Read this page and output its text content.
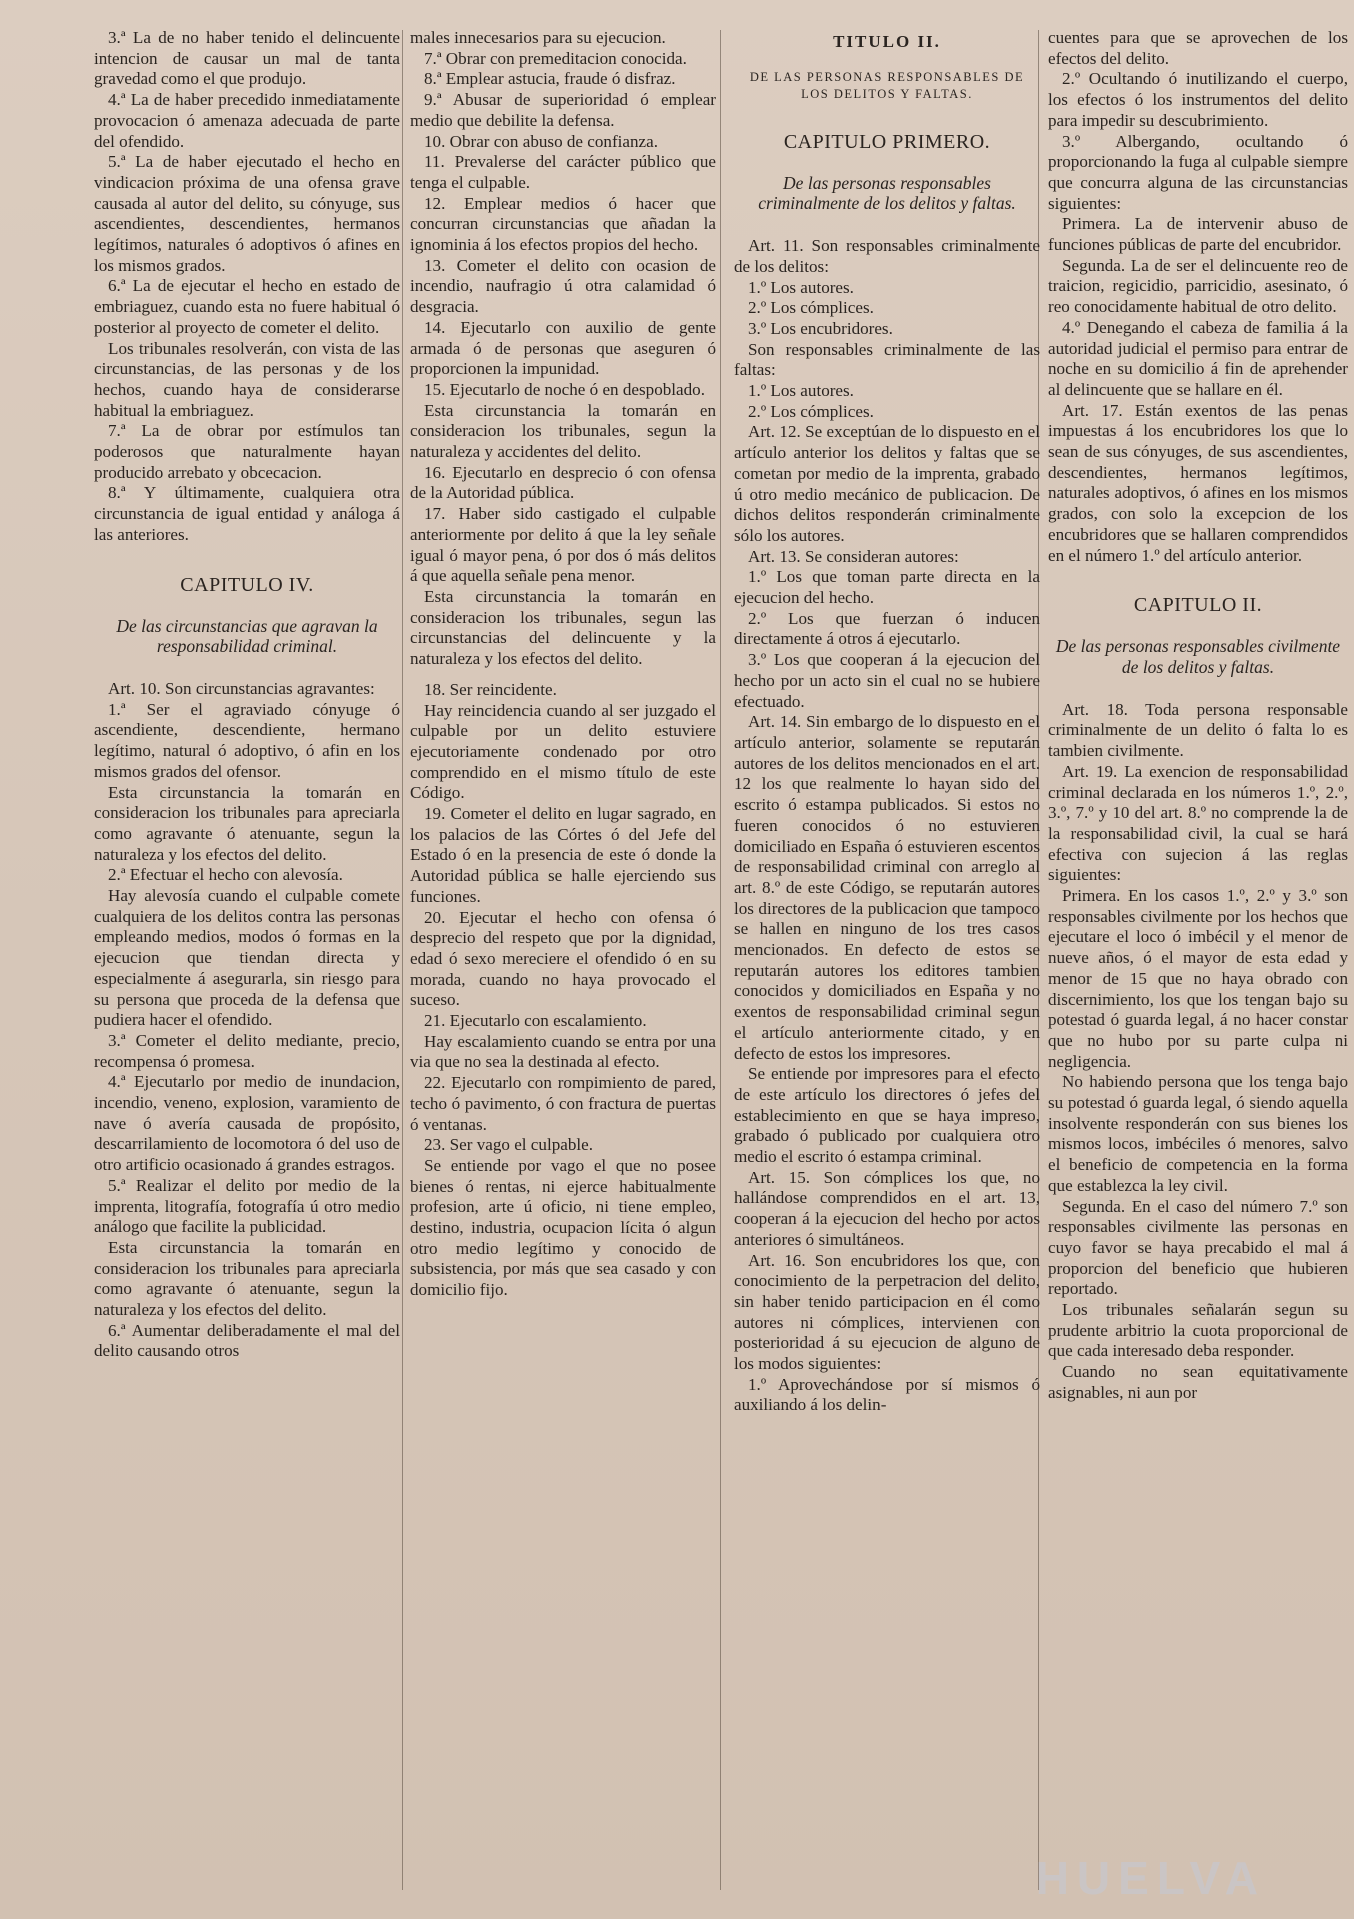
3.ª La de no haber tenido el delincuente intencion de causar un mal de tanta gravedad como el que produjo.

4.ª La de haber precedido inmediatamente provocacion ó amenaza adecuada de parte del ofendido.

5.ª La de haber ejecutado el hecho en vindicacion próxima de una ofensa grave causada al autor del delito, su cónyuge, sus ascendientes, descendientes, hermanos legítimos, naturales ó adoptivos ó afines en los mismos grados.

6.ª La de ejecutar el hecho en estado de embriaguez, cuando esta no fuere habitual ó posterior al proyecto de cometer el delito.

Los tribunales resolverán, con vista de las circunstancias, de las personas y de los hechos, cuando haya de considerarse habitual la embriaguez.

7.ª La de obrar por estímulos tan poderosos que naturalmente hayan producido arrebato y obcecacion.

8.ª Y últimamente, cualquiera otra circunstancia de igual entidad y análoga á las anteriores.

CAPITULO IV.

De las circunstancias que agravan la responsabilidad criminal.

Art. 10. Son circunstancias agravantes:

1.ª Ser el agraviado cónyuge ó ascendiente, descendiente, hermano legítimo, natural ó adoptivo, ó afin en los mismos grados del ofensor.

Esta circunstancia la tomarán en consideracion los tribunales para apreciarla como agravante ó atenuante, segun la naturaleza y los efectos del delito.

2.ª Efectuar el hecho con alevosía.

Hay alevosía cuando el culpable comete cualquiera de los delitos contra las personas empleando medios, modos ó formas en la ejecucion que tiendan directa y especialmente á asegurarla, sin riesgo para su persona que proceda de la defensa que pudiera hacer el ofendido.

3.ª Cometer el delito mediante, precio, recompensa ó promesa.

4.ª Ejecutarlo por medio de inundacion, incendio, veneno, explosion, varamiento de nave ó avería causada de propósito, descarrilamiento de locomotora ó del uso de otro artificio ocasionado á grandes estragos.

5.ª Realizar el delito por medio de la imprenta, litografía, fotografía ú otro medio análogo que facilite la publicidad.

Esta circunstancia la tomarán en consideracion los tribunales para apreciarla como agravante ó atenuante, segun la naturaleza y los efectos del delito.

6.ª Aumentar deliberadamente el mal del delito causando otros

males innecesarios para su ejecucion.

7.ª Obrar con premeditacion conocida.

8.ª Emplear astucia, fraude ó disfraz.

9.ª Abusar de superioridad ó emplear medio que debilite la defensa.

10. Obrar con abuso de confianza.

11. Prevalerse del carácter público que tenga el culpable.

12. Emplear medios ó hacer que concurran circunstancias que añadan la ignominia á los efectos propios del hecho.

13. Cometer el delito con ocasion de incendio, naufragio ú otra calamidad ó desgracia.

14. Ejecutarlo con auxilio de gente armada ó de personas que aseguren ó proporcionen la impunidad.

15. Ejecutarlo de noche ó en despoblado.

Esta circunstancia la tomarán en consideracion los tribunales, segun la naturaleza y accidentes del delito.

16. Ejecutarlo en desprecio ó con ofensa de la Autoridad pública.

17. Haber sido castigado el culpable anteriormente por delito á que la ley señale igual ó mayor pena, ó por dos ó más delitos á que aquella señale pena menor.

Esta circunstancia la tomarán en consideracion los tribunales, segun las circunstancias del delincuente y la naturaleza y los efectos del delito.

18. Ser reincidente.

Hay reincidencia cuando al ser juzgado el culpable por un delito estuviere ejecutoriamente condenado por otro comprendido en el mismo título de este Código.

19. Cometer el delito en lugar sagrado, en los palacios de las Córtes ó del Jefe del Estado ó en la presencia de este ó donde la Autoridad pública se halle ejerciendo sus funciones.

20. Ejecutar el hecho con ofensa ó desprecio del respeto que por la dignidad, edad ó sexo mereciere el ofendido ó en su morada, cuando no haya provocado el suceso.

21. Ejecutarlo con escalamiento.

Hay escalamiento cuando se entra por una via que no sea la destinada al efecto.

22. Ejecutarlo con rompimiento de pared, techo ó pavimento, ó con fractura de puertas ó ventanas.

23. Ser vago el culpable.

Se entiende por vago el que no posee bienes ó rentas, ni ejerce habitualmente profesion, arte ú oficio, ni tiene empleo, destino, industria, ocupacion lícita ó algun otro medio legítimo y conocido de subsistencia, por más que sea casado y con domicilio fijo.

TITULO II.

DE LAS PERSONAS RESPONSABLES DE LOS DELITOS Y FALTAS.

CAPITULO PRIMERO.

De las personas responsables criminalmente de los delitos y faltas.

Art. 11. Son responsables criminalmente de los delitos:

1.º Los autores.

2.º Los cómplices.

3.º Los encubridores.

Son responsables criminalmente de las faltas:

1.º Los autores.

2.º Los cómplices.

Art. 12. Se exceptúan de lo dispuesto en el artículo anterior los delitos y faltas que se cometan por medio de la imprenta, grabado ú otro medio mecánico de publicacion. De dichos delitos responderán criminalmente sólo los autores.

Art. 13. Se consideran autores:

1.º Los que toman parte directa en la ejecucion del hecho.

2.º Los que fuerzan ó inducen directamente á otros á ejecutarlo.

3.º Los que cooperan á la ejecucion del hecho por un acto sin el cual no se hubiere efectuado.

Art. 14. Sin embargo de lo dispuesto en el artículo anterior, solamente se reputarán autores de los delitos mencionados en el art. 12 los que realmente lo hayan sido del escrito ó estampa publicados. Si estos no fueren conocidos ó no estuvieren domiciliado en España ó estuvieren escentos de responsabilidad criminal con arreglo al art. 8.º de este Código, se reputarán autores los directores de la publicacion que tampoco se hallen en ninguno de los tres casos mencionados. En defecto de estos se reputarán autores los editores tambien conocidos y domiciliados en España y no exentos de responsabilidad criminal segun el artículo anteriormente citado, y en defecto de estos los impresores.

Se entiende por impresores para el efecto de este artículo los directores ó jefes del establecimiento en que se haya impreso, grabado ó publicado por cualquiera otro medio el escrito ó estampa criminal.

Art. 15. Son cómplices los que, no hallándose comprendidos en el art. 13, cooperan á la ejecucion del hecho por actos anteriores ó simultáneos.

Art. 16. Son encubridores los que, con conocimiento de la perpetracion del delito, sin haber tenido participacion en él como autores ni cómplices, intervienen con posterioridad á su ejecucion de alguno de los modos siguientes:

1.º Aprovechándose por sí mismos ó auxiliando á los delin-

cuentes para que se aprovechen de los efectos del delito.

2.º Ocultando ó inutilizando el cuerpo, los efectos ó los instrumentos del delito para impedir su descubrimiento.

3.º Albergando, ocultando ó proporcionando la fuga al culpable siempre que concurra alguna de las circunstancias siguientes:

Primera. La de intervenir abuso de funciones públicas de parte del encubridor.

Segunda. La de ser el delincuente reo de traicion, regicidio, parricidio, asesinato, ó reo conocidamente habitual de otro delito.

4.º Denegando el cabeza de familia á la autoridad judicial el permiso para entrar de noche en su domicilio á fin de aprehender al delincuente que se hallare en él.

Art. 17. Están exentos de las penas impuestas á los encubridores los que lo sean de sus cónyuges, de sus ascendientes, descendientes, hermanos legítimos, naturales adoptivos, ó afines en los mismos grados, con solo la excepcion de los encubridores que se hallaren comprendidos en el número 1.º del artículo anterior.

CAPITULO II.

De las personas responsables civilmente de los delitos y faltas.

Art. 18. Toda persona responsable criminalmente de un delito ó falta lo es tambien civilmente.

Art. 19. La exencion de responsabilidad criminal declarada en los números 1.º, 2.º, 3.º, 7.º y 10 del art. 8.º no comprende la de la responsabilidad civil, la cual se hará efectiva con sujecion á las reglas siguientes:

Primera. En los casos 1.º, 2.º y 3.º son responsables civilmente por los hechos que ejecutare el loco ó imbécil y el menor de nueve años, ó el mayor de esta edad y menor de 15 que no haya obrado con discernimiento, los que los tengan bajo su potestad ó guarda legal, á no hacer constar que no hubo por su parte culpa ni negligencia.

No habiendo persona que los tenga bajo su potestad ó guarda legal, ó siendo aquella insolvente responderán con sus bienes los mismos locos, imbéciles ó menores, salvo el beneficio de competencia en la forma que establezca la ley civil.

Segunda. En el caso del número 7.º son responsables civilmente las personas en cuyo favor se haya precabido el mal á proporcion del beneficio que hubieren reportado.

Los tribunales señalarán segun su prudente arbitrio la cuota proporcional de que cada interesado deba responder.

Cuando no sean equitativamente asignables, ni aun por

HUELVA
